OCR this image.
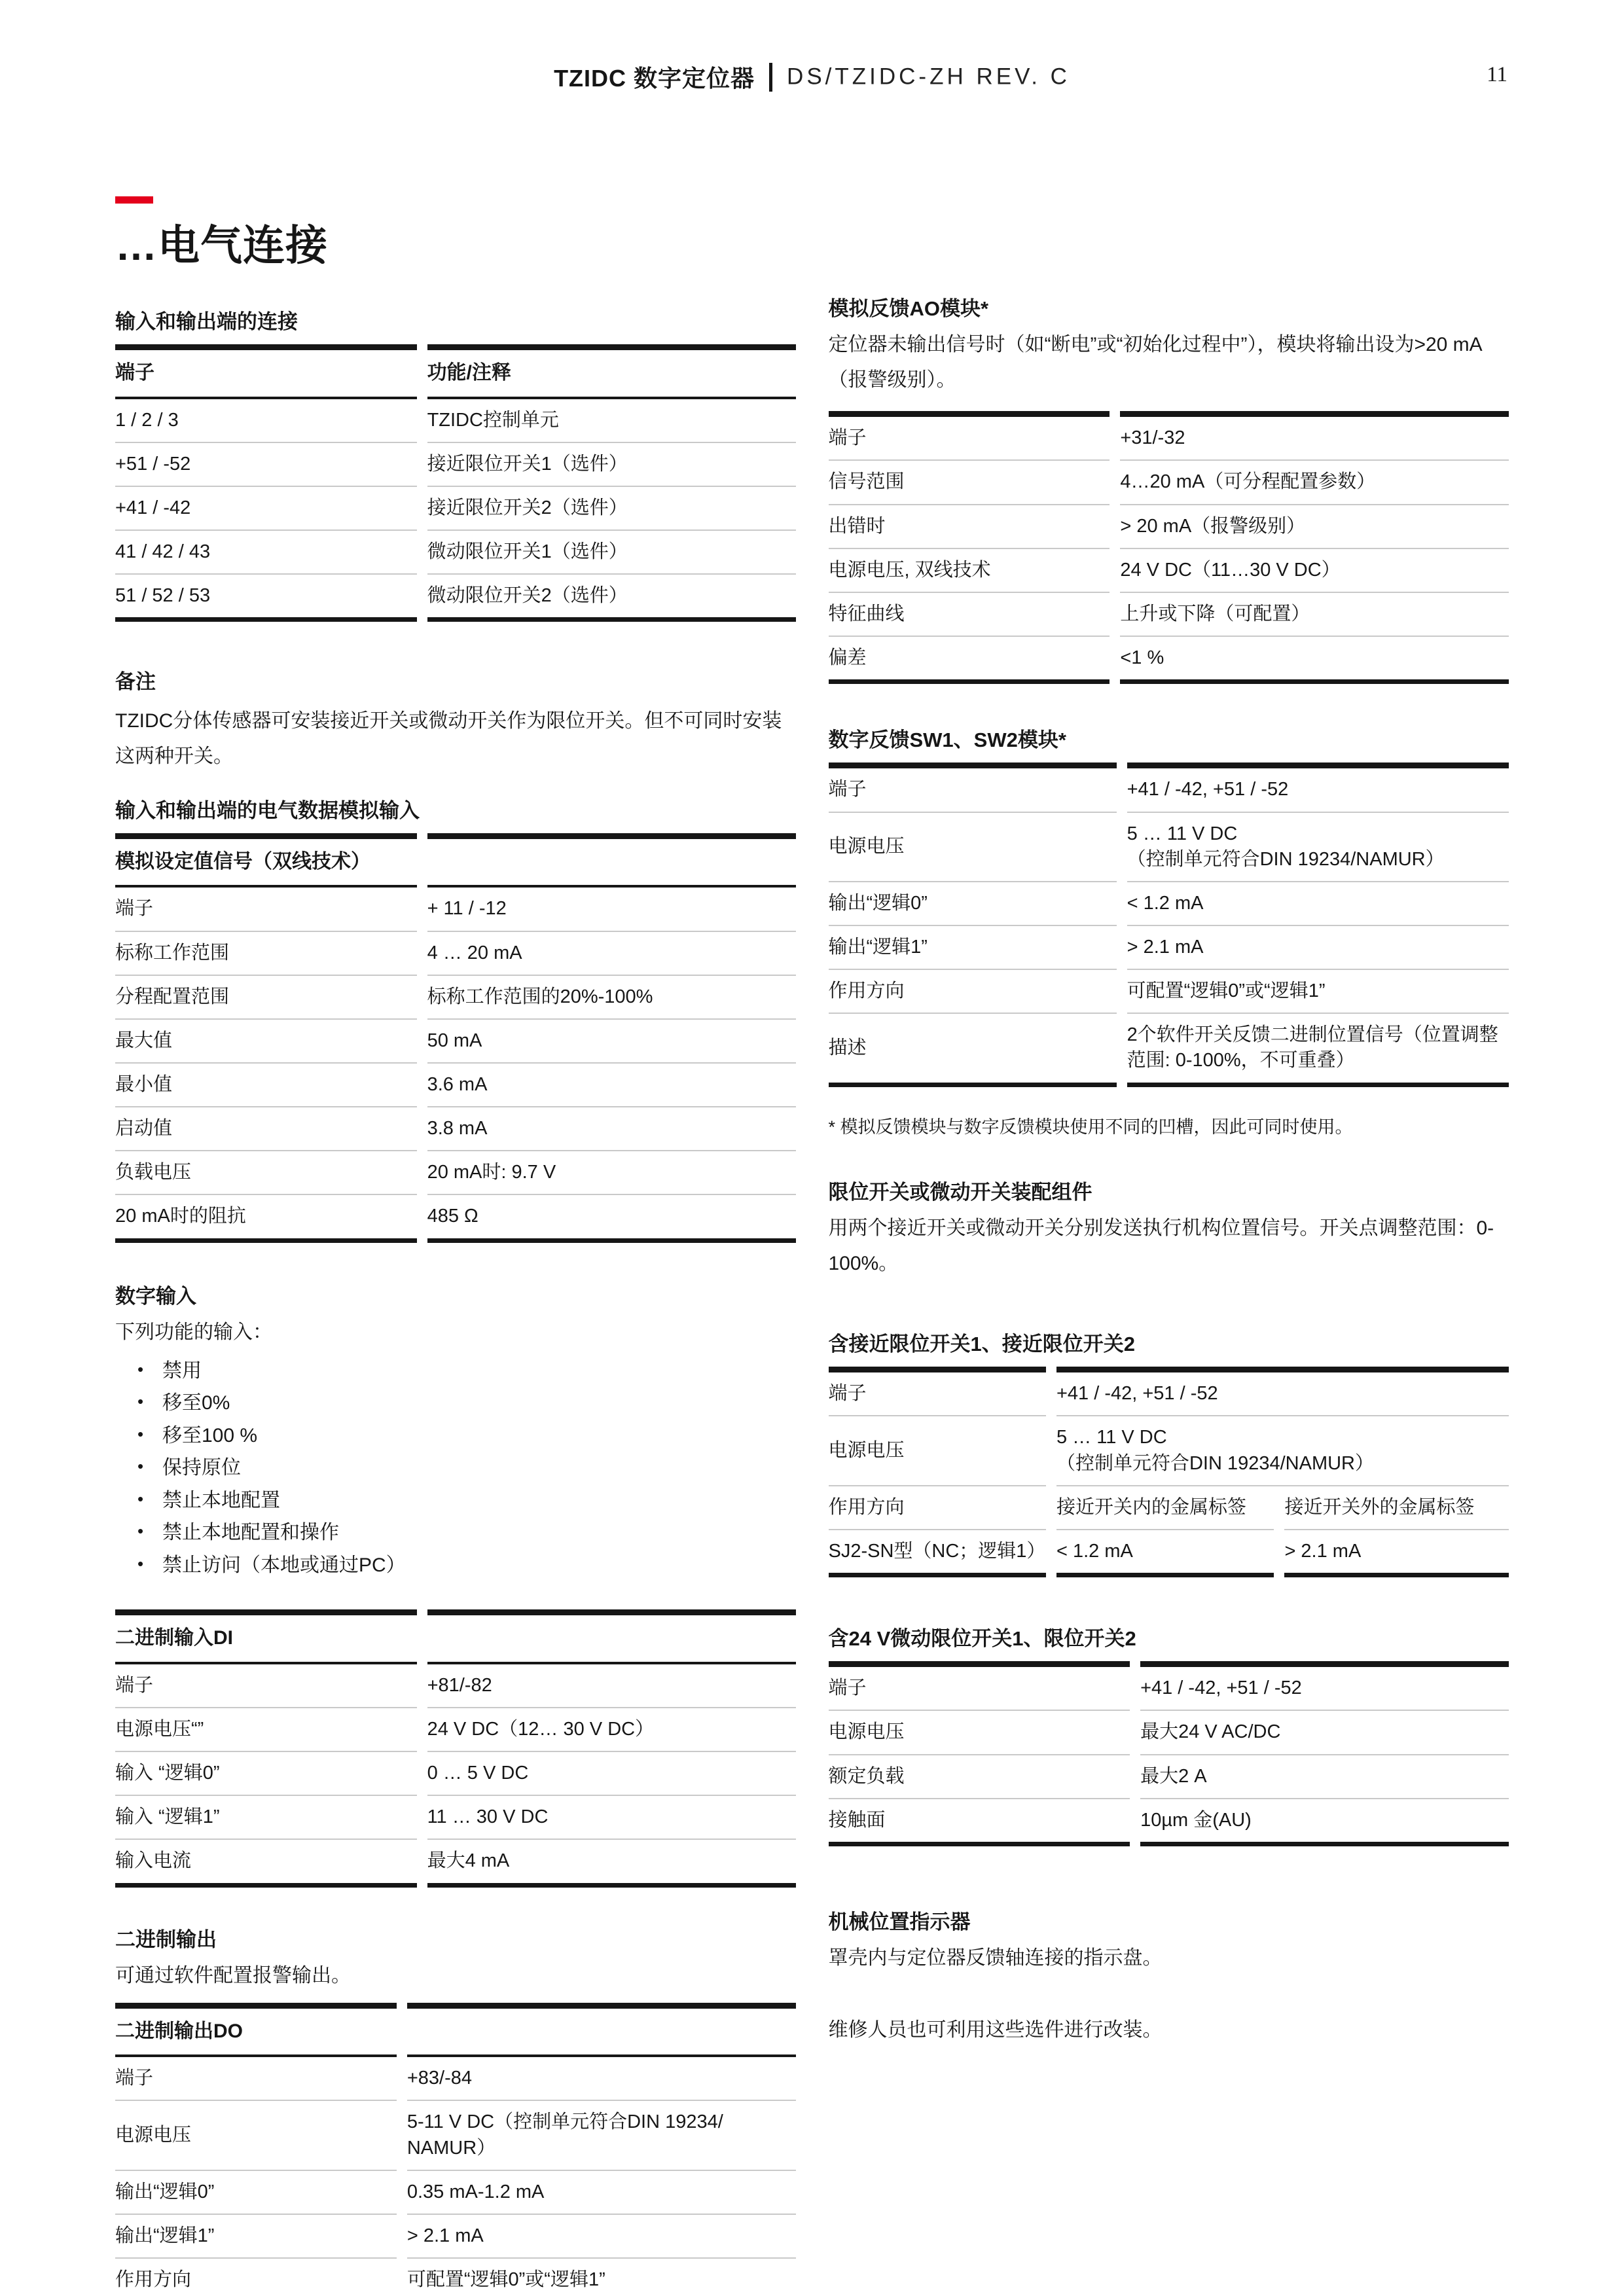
TZIDC 数字定位器 DS/TZIDC-ZH REV. C	11
…电气连接
输入和输出端的连接
端子	功能/注释
1 / 2 / 3	TZIDC控制单元
+51 / -52	接近限位开关1（选件）
+41 / -42	接近限位开关2（选件）
41 / 42 / 43	微动限位开关1（选件）
51 / 52 / 53	微动限位开关2（选件）
备注
TZIDC分体传感器可安装接近开关或微动开关作为限位开关。但不可同时安装这两种开关。
输入和输出端的电气数据模拟输入
模拟设定值信号（双线技术）	
端子	+ 11 / -12
标称工作范围	4 … 20 mA
分程配置范围	标称工作范围的20%-100%
最大值	50 mA
最小值	3.6 mA
启动值	3.8 mA
负载电压	20 mA时: 9.7 V
20 mA时的阻抗	485 Ω
数字输入
下列功能的输入：
• 禁用
• 移至0%
• 移至100 %
• 保持原位
• 禁止本地配置
• 禁止本地配置和操作
• 禁止访问（本地或通过PC）
二进制输入DI	
端子	+81/-82
电源电压“”	24 V DC（12… 30 V DC）
输入 “逻辑0”	0 … 5 V DC
输入 “逻辑1”	11 … 30 V DC
输入电流	最大4 mA
二进制输出
可通过软件配置报警输出。
二进制输出DO	
端子	+83/-84
电源电压	5-11 V DC（控制单元符合DIN 19234/
NAMUR）

输出“逻辑0”	0.35 mA-1.2 mA
输出“逻辑1”	> 2.1 mA
作用方向	可配置“逻辑0”或“逻辑1”
模拟反馈AO模块*
定位器未输出信号时（如“断电”或“初始化过程中”），模块将输出设为>20 mA（报警级别）。
端子	+31/-32
信号范围	4…20 mA（可分程配置参数）
出错时	> 20 mA（报警级别）
电源电压, 双线技术	24 V DC（11…30 V DC）
特征曲线	上升或下降（可配置）
偏差	<1 %
数字反馈SW1、SW2模块*
端子	+41 / -42, +51 / -52
电源电压	5 … 11 V DC
（控制单元符合DIN 19234/NAMUR）

输出“逻辑0”	< 1.2 mA
输出“逻辑1”	> 2.1 mA
作用方向	可配置“逻辑0”或“逻辑1”
描述	2个软件开关反馈二进制位置信号（位置调整范围: 0-100%，不可重叠）
* 模拟反馈模块与数字反馈模块使用不同的凹槽，因此可同时使用。
限位开关或微动开关装配组件
用两个接近开关或微动开关分别发送执行机构位置信号。开关点调整范围：0-100%。
含接近限位开关1、接近限位开关2
端子	+41 / -42, +51 / -52	
电源电压	5 … 11 V DC
（控制单元符合DIN 19234/NAMUR）	

作用方向	接近开关内的金属标签	接近开关外的金属标签
SJ2-SN型（NC；逻辑1）	< 1.2 mA	> 2.1 mA
含24 V微动限位开关1、限位开关2
端子	+41 / -42, +51 / -52
电源电压	最大24 V AC/DC
额定负载	最大2 A
接触面	10µm 金(AU)
机械位置指示器
罩壳内与定位器反馈轴连接的指示盘。
维修人员也可利用这些选件进行改装。
